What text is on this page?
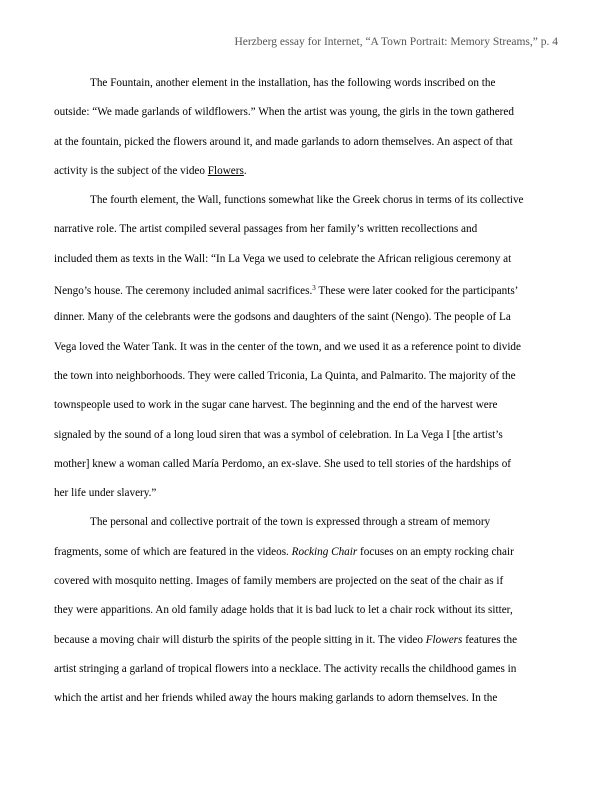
Herzberg essay for Internet, “A Town Portrait: Memory Streams,” p. 4
The Fountain, another element in the installation, has the following words inscribed on the
outside: “We made garlands of wildflowers.” When the artist was young, the girls in the town gathered
at the fountain, picked the flowers around it, and made garlands to adorn themselves. An aspect of that
activity is the subject of the video Flowers.
The fourth element, the Wall, functions somewhat like the Greek chorus in terms of its collective
narrative role. The artist compiled several passages from her family’s written recollections and
included them as texts in the Wall: “In La Vega we used to celebrate the African religious ceremony at
Nengo’s house. The ceremony included animal sacrifices.$^3$ These were later cooked for the participants’
dinner. Many of the celebrants were the godsons and daughters of the saint (Nengo). The people of La
Vega loved the Water Tank. It was in the center of the town, and we used it as a reference point to divide
the town into neighborhoods. They were called Triconia, La Quinta, and Palmarito. The majority of the
townspeople used to work in the sugar cane harvest. The beginning and the end of the harvest were
signaled by the sound of a long loud siren that was a symbol of celebration. In La Vega I [the artist’s
mother] knew a woman called María Perdomo, an ex-slave. She used to tell stories of the hardships of
her life under slavery.”
The personal and collective portrait of the town is expressed through a stream of memory
fragments, some of which are featured in the videos. Rocking Chair focuses on an empty rocking chair
covered with mosquito netting. Images of family members are projected on the seat of the chair as if
they were apparitions. An old family adage holds that it is bad luck to let a chair rock without its sitter,
because a moving chair will disturb the spirits of the people sitting in it. The video Flowers features the
artist stringing a garland of tropical flowers into a necklace. The activity recalls the childhood games in
which the artist and her friends whiled away the hours making garlands to adorn themselves. In the
